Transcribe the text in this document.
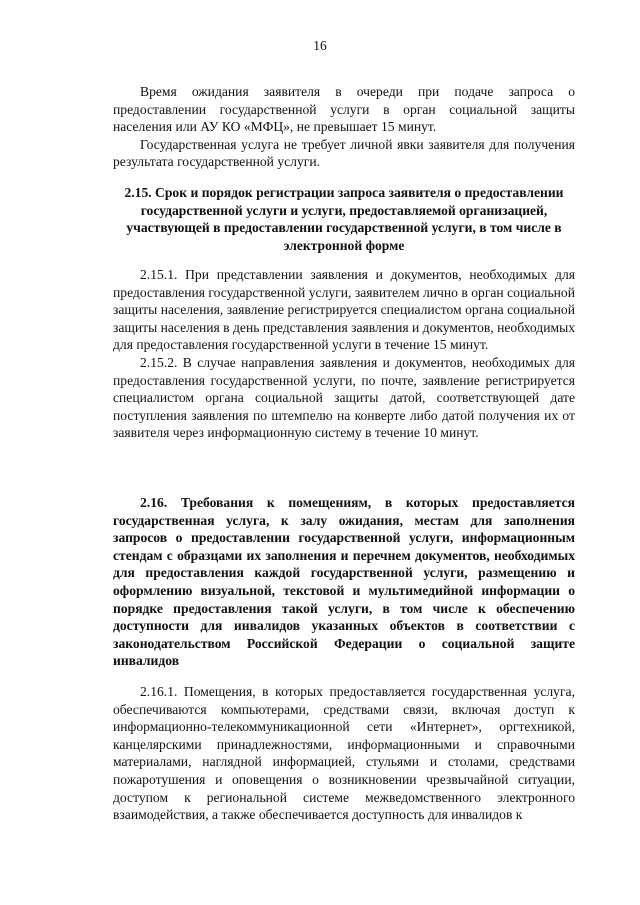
16

Время ожидания заявителя в очереди при подаче запроса о предоставлении государственной услуги в орган социальной защиты населения или АУ КО «МФЦ», не превышает 15 минут.

Государственная услуга не требует личной явки заявителя для получения результата государственной услуги.

2.15. Срок и порядок регистрации запроса заявителя о предоставлении государственной услуги и услуги, предоставляемой организацией, участвующей в предоставлении государственной услуги, в том числе в электронной форме

2.15.1. При представлении заявления и документов, необходимых для предоставления государственной услуги, заявителем лично в орган социальной защиты населения, заявление регистрируется специалистом органа социальной защиты населения в день представления заявления и документов, необходимых для предоставления государственной услуги в течение 15 минут.

2.15.2. В случае направления заявления и документов, необходимых для предоставления государственной услуги, по почте, заявление регистрируется специалистом органа социальной защиты датой, соответствующей дате поступления заявления по штемпелю на конверте либо датой получения их от заявителя через информационную систему в течение 10 минут.

2.16. Требования к помещениям, в которых предоставляется государственная услуга, к залу ожидания, местам для заполнения запросов о предоставлении государственной услуги, информационным стендам с образцами их заполнения и перечнем документов, необходимых для предоставления каждой государственной услуги, размещению и оформлению визуальной, текстовой и мультимедийной информации о порядке предоставления такой услуги, в том числе к обеспечению доступности для инвалидов указанных объектов в соответствии с законодательством Российской Федерации о социальной защите инвалидов

2.16.1. Помещения, в которых предоставляется государственная услуга, обеспечиваются компьютерами, средствами связи, включая доступ к информационно-телекоммуникационной сети «Интернет», оргтехникой, канцелярскими принадлежностями, информационными и справочными материалами, наглядной информацией, стульями и столами, средствами пожаротушения и оповещения о возникновении чрезвычайной ситуации, доступом к региональной системе межведомственного электронного взаимодействия, а также обеспечивается доступность для инвалидов к
